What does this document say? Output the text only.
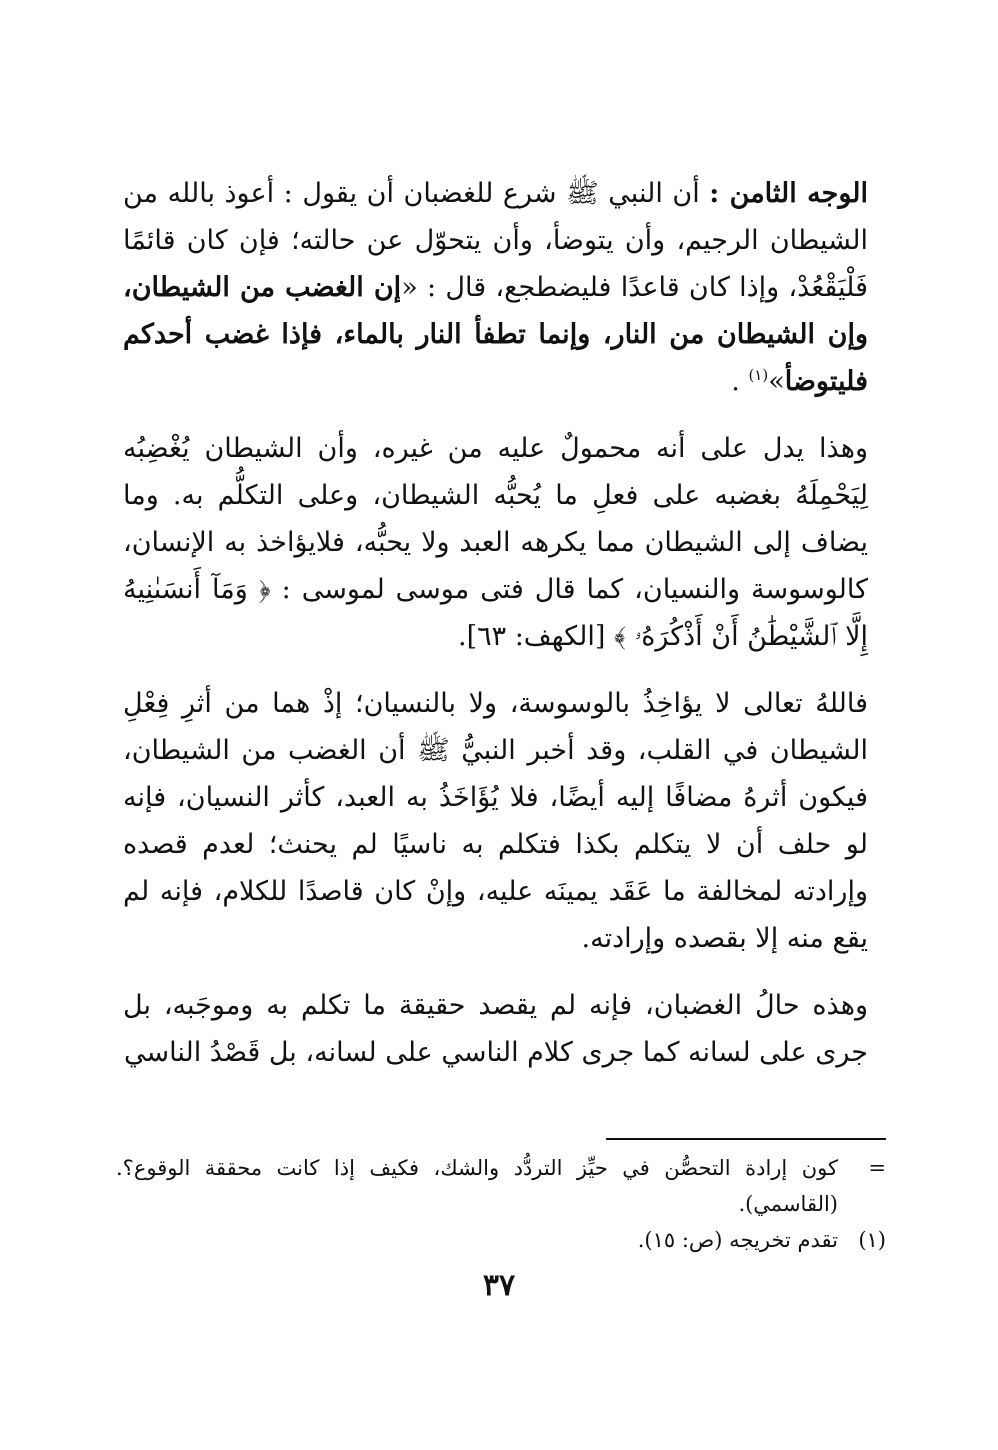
الوجه الثامن : أن النبي ﷺ شرع للغضبان أن يقول : أعوذ بالله من الشيطان الرجيم، وأن يتوضأ، وأن يتحوّل عن حالته؛ فإن كان قائمًا فَلْيَقْعُدْ، وإذا كان قاعدًا فليضطجع، قال : «إن الغضب من الشيطان، وإن الشيطان من النار، وإنما تطفأ النار بالماء، فإذا غضب أحدكم فليتوضأ»$^{(١)}$ .

وهذا يدل على أنه محمولٌ عليه من غيره، وأن الشيطان يُغْضِبُه لِيَحْمِلَهُ بغضبه على فعلِ ما يُحبُّه الشيطان، وعلى التكلُّم به. وما يضاف إلى الشيطان مما يكرهه العبد ولا يحبُّه، فلايؤاخذ به الإنسان، كالوسوسة والنسيان، كما قال فتى موسى لموسى : ﴿ وَمَآ أَنسَىٰنِيهُ إِلَّا ٱلشَّيْطَٰنُ أَنْ أَذْكُرَهُۥ ﴾ [الكهف: ٦٣].

فاللهُ تعالى لا يؤاخِذُ بالوسوسة، ولا بالنسيان؛ إذْ هما من أثرِ فِعْلِ الشيطان في القلب، وقد أخبر النبيُّ ﷺ أن الغضب من الشيطان، فيكون أثرهُ مضافًا إليه أيضًا، فلا يُؤَاخَذُ به العبد، كأثر النسيان، فإنه لو حلف أن لا يتكلم بكذا فتكلم به ناسيًا لم يحنث؛ لعدم قصده وإرادته لمخالفة ما عَقَد يمينَه عليه، وإنْ كان قاصدًا للكلام، فإنه لم يقع منه إلا بقصده وإرادته.

وهذه حالُ الغضبان، فإنه لم يقصد حقيقة ما تكلم به وموجَبه، بل جرى على لسانه كما جرى كلام الناسي على لسانه، بل قَصْدُ الناسي

=
كون إرادة التحصُّن في حيِّز التردُّد والشك، فكيف إذا كانت محققة الوقوع؟. (القاسمي).
(١)
تقدم تخريجه (ص: ١٥).
٣٧
